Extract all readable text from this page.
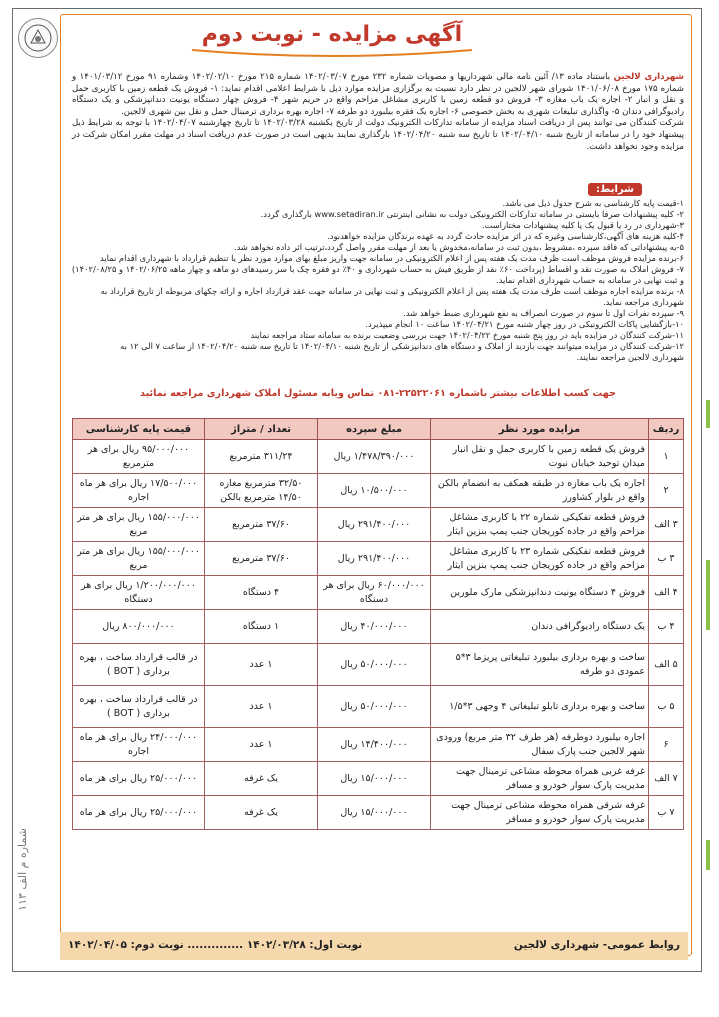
آگهی مزایده - نوبت دوم
شهرداری لالجین باستناد ماده ۱۳/ آئین نامه مالی شهرداریها و مصوبات شماره ۲۳۲ مورخ ۱۴۰۲/۰۳/۰۷ شماره ۲۱۵ مورخ ۱۴۰۲/۰۲/۱۰ وشماره ۹۱ مورخ ۱۴۰۱/۰۳/۱۲ و شماره ۱۷۵ مورخ ۱۴۰۱/۰۶/۰۸ شورای شهر لالجین در نظر دارد نسبت به برگزاری مزایده موارد ذیل با شرایط اعلامی اقدام نماید: ۱- فروش یک قطعه زمین با کاربری حمل و نقل و انبار ۲- اجاره یک باب مغازه ۳- فروش دو قطعه زمین با کاربری مشاغل مزاحم واقع در حریم شهر ۴- فروش چهار دستگاه یونیت دندانپزشکی و یک دستگاه رادیوگرافی دندان ۵- واگذاری تبلیغات شهری به بخش خصوصی ۶- اجاره یک فقره بیلبورد دو طرفه ۷- اجاره بهره برداری ترمینال حمل و نقل بین شهری لالجین.
شرکت کنندگان می توانند پس از دریافت اسناد مزایده از سامانه تدارکات الکترونیک دولت از تاریخ یکشنبه ۱۴۰۲/۰۳/۲۸ تا تاریخ چهارشنبه ۱۴۰۲/۰۴/۰۷ با توجه به شرایط ذیل پیشنهاد خود را در سامانه از تاریخ شنبه ۱۴۰۲/۰۴/۱۰ تا تاریخ سه شنبه ۱۴۰۲/۰۴/۲۰ بارگذاری نمایند بدیهی است در صورت عدم دریافت اسناد در مهلت مقرر امکان شرکت در مزایده وجود نخواهد داشت.
شرایط:
۱-قیمت پایه کارشناسی به شرح جدول ذیل می باشد.
۲- کلیه پیشنهادات صرفا بایستی در سامانه تدارکات الکترونیکی دولت به نشانی اینترنتی www.setadiran.ir بارگذاری گردد.
۳-شهرداری در رد یا قبول یک یا کلیه پیشنهادات مختاراست.
۴-کلیه هزینه های آگهی،کارشناسی وغیره که در اثر مزایده حادث گردد به عهده برندگان مزایده خواهدبود.
۵-به پیشنهاداتی که فاقد سپرده ،مشروط ،بدون ثبت در سامانه،مخدوش یا بعد از مهلت مقرر واصل گردد،ترتیب اثر داده نخواهد شد.
۶-برنده مزایده فروش موظف است ظرف مدت یک هفته پس از اعلام الکترونیکی در سامانه جهت واریز مبلغ بهای موارد مورد نظر یا تنظیم قرارداد با شهرداری اقدام نماید
۷- فروش املاک به صورت نقد و اقساط (پرداخت ۶۰٪ نقد از طریق فیش به حساب شهرداری و ۴۰٪ دو فقره چک با سر رسیدهای دو ماهه و چهار ماهه ۱۴۰۲/۰۶/۲۵ و ۱۴۰۲/۰۸/۲۵)
و ثبت نهایی در سامانه به حساب شهرداری اقدام نماید.
۸- برنده مزایده اجاره موظف است ظرف مدت یک هفته پس از اعلام الکترونیکی و ثبت نهایی در سامانه جهت عقد قرارداد اجاره و ارائه چکهای مربوطه از تاریخ قرارداد به
شهرداری مراجعه نماید.
۹- سپرده نفرات اول تا سوم در صورت انصراف به نفع شهرداری ضبط خواهد شد.
۱۰-بازگشایی پاکات الکترونیکی در روز چهار شنبه مورخ ۱۴۰۲/۰۴/۲۱ ساعت ۱۰ انجام میپذیرد.
۱۱-شرکت کنندگان در مزایده باید در روز پنج شنبه مورخ ۱۴۰۲/۰۴/۲۲ جهت بررسی وضعیت برنده به سامانه ستاد مراجعه نمایند
۱۲-شرکت کنندگان در مزایده میتوانند جهت بازدید از املاک و دستگاه های دندانپزشکی از تاریخ شنبه ۱۴۰۲/۰۴/۱۰ تا تاریخ سه شنبه ۱۴۰۲/۰۴/۲۰ از ساعت ۷ الی ۱۲ به
شهرداری لالجین مراجعه نمایند.
جهت کسب اطلاعات بیشتر باشماره ۲۲۵۲۲۰۶۱-۰۸۱ تماس ویابه مسئول املاک شهرداری مراجعه نمائید
ردیف	مزایده مورد نظر	مبلغ سپرده	تعداد / متراژ	قیمت پایه کارشناسی
۱	فروش یک قطعه زمین با کاربری حمل و نقل انبار میدان توحید خیابان نبوت	۱/۴۷۸/۳۹۰/۰۰۰ ریال	۳۱۱/۲۴ مترمربع	۹۵/۰۰۰/۰۰۰ ریال برای هر مترمربع
۲	اجاره یک باب مغازه در طبقه همکف به انضمام بالکن واقع در بلوار کشاورز	۱۰/۵۰۰/۰۰۰ ریال	۳۲/۵۰ مترمربع مغازه ۱۴/۵۰ مترمربع بالکن	۱۷/۵۰۰/۰۰۰ ریال برای هر ماه اجاره
۳ الف	فروش قطعه تفکیکی شماره ۲۲ با کاربری مشاغل مزاحم واقع در جاده کوریجان جنب پمپ بنزین ایثار	۲۹۱/۴۰۰/۰۰۰ ریال	۳۷/۶۰ مترمربع	۱۵۵/۰۰۰/۰۰۰ ریال برای هر متر مربع
۳ ب	فروش قطعه تفکیکی شماره ۲۳ با کاربری مشاغل مزاحم واقع در جاده کوریجان جنب پمپ بنزین ایثار	۲۹۱/۴۰۰/۰۰۰ ریال	۳۷/۶۰ مترمربع	۱۵۵/۰۰۰/۰۰۰ ریال برای هر متر مربع
۴ الف	فروش ۴ دستگاه یونیت دندانپزشکی مارک ملورین	۶۰/۰۰۰/۰۰۰ ریال برای هر دستگاه	۴ دستگاه	۱/۲۰۰/۰۰۰/۰۰۰ ریال برای هر دستگاه
۴ ب	یک دستگاه رادیوگرافی دندان	۴۰/۰۰۰/۰۰۰ ریال	۱ دستگاه	۸۰۰/۰۰۰/۰۰۰ ریال
۵ الف	ساخت و بهره برداری بیلبورد تبلیغاتی پریزما ۳*۵ عمودی دو طرفه	۵۰/۰۰۰/۰۰۰ ریال	۱ عدد	در قالب قرارداد ساخت ، بهره برداری ( BOT )
۵ ب	ساخت و بهره برداری تابلو تبلیغاتی ۴ وجهی ۳*۱/۵	۵۰/۰۰۰/۰۰۰ ریال	۱ عدد	در قالب قرارداد ساخت ، بهره برداری ( BOT )
۶	اجاره بیلبورد دوطرفه (هر طرف ۳۲ متر مربع) ورودی شهر لالجین جنب پارک سفال	۱۴/۴۰۰/۰۰۰ ریال	۱ عدد	۲۴/۰۰۰/۰۰۰ ریال برای هر ماه اجاره
۷ الف	غرفه غربی همراه محوطه مشاعی ترمینال جهت مدیریت پارک سوار خودرو و مسافر	۱۵/۰۰۰/۰۰۰ ریال	یک غرفه	۲۵/۰۰۰/۰۰۰ ریال برای هر ماه
۷ ب	غرفه شرقی همراه محوطه مشاعی ترمینال جهت مدیریت پارک سوار خودرو و مسافر	۱۵/۰۰۰/۰۰۰ ریال	یک غرفه	۲۵/۰۰۰/۰۰۰ ریال برای هر ماه
روابط عمومی- شهرداری لالجین
نوبت اول: ۱۴۰۲/۰۳/۲۸ .............. نوبت دوم: ۱۴۰۲/۰۴/۰۵
شماره م الف ۱۱۳
